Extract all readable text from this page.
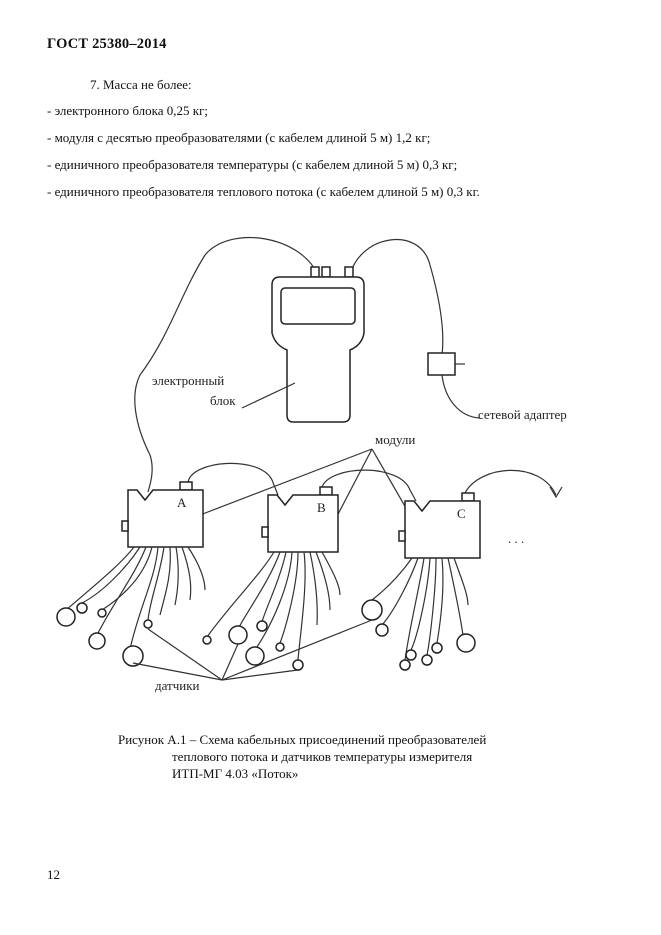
ГОСТ 25380–2014
7. Масса не более:
- электронного блока 0,25 кг;
- модуля с десятью преобразователями (с кабелем длиной 5 м) 1,2 кг;
- единичного преобразователя температуры (с кабелем длиной 5 м) 0,3 кг;
- единичного преобразователя теплового потока (с кабелем длиной 5 м) 0,3 кг.
электронный
блок
сетевой адаптер
модули
А	В	С
. . .
датчики
Рисунок А.1 – Схема кабельных присоединений преобразователей
теплового потока и датчиков температуры измерителя
ИТП-МГ 4.03 «Поток»
12
